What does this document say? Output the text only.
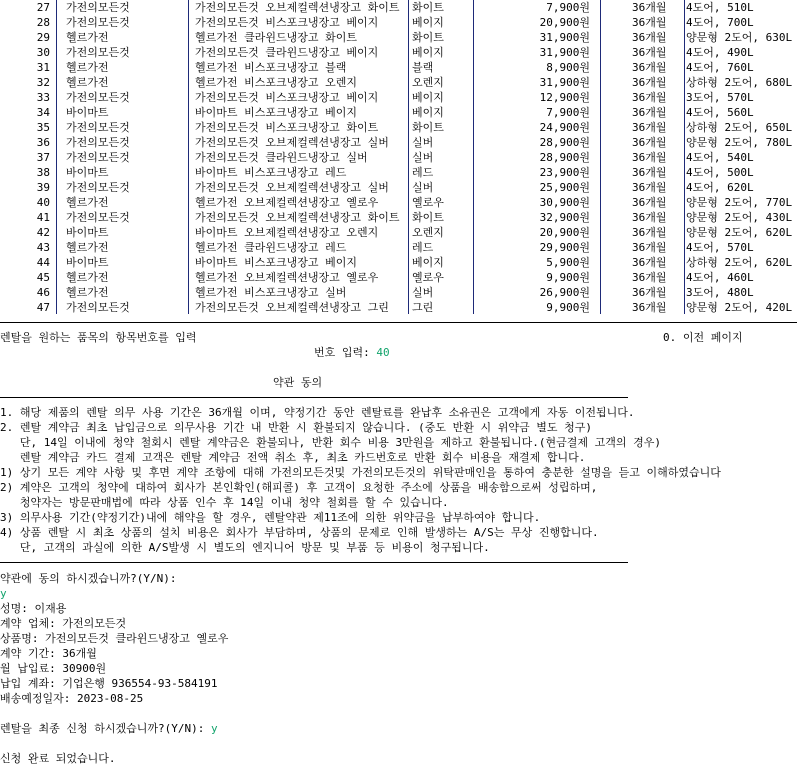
27 가전의모든것	가전의모든것 오브제컬렉션냉장고 화이트 화이트	7,900원	36개월 4도어, 510L
28 가전의모든것	가전의모든것 비스포크냉장고 베이지	베이지	20,900원	36개월 4도어, 700L
29 헬르가전	헬르가전 클라윈드냉장고 화이트	화이트	31,900원	36개월 양문형 2도어, 630L
30 가전의모든것	가전의모든것 클라윈드냉장고 베이지	베이지	31,900원	36개월 4도어, 490L
31 헬르가전	헬르가전 비스포크냉장고 블랙	블랙	8,900원	36개월 4도어, 760L
32 헬르가전	헬르가전 비스포크냉장고 오렌지	오렌지	31,900원	36개월 상하형 2도어, 680L
33 가전의모든것	가전의모든것 비스포크냉장고 베이지	베이지	12,900원	36개월 3도어, 570L
34 바이마트	바이마트 비스포크냉장고 베이지	베이지	7,900원	36개월 4도어, 560L
35 가전의모든것	가전의모든것 비스포크냉장고 화이트	화이트	24,900원	36개월 상하형 2도어, 650L
36 가전의모든것	가전의모든것 오브제컬렉션냉장고 실버 실버	28,900원	36개월 양문형 2도어, 780L
37 가전의모든것	가전의모든것 클라윈드냉장고 실버	실버	28,900원	36개월 4도어, 540L
38 바이마트	바이마트 비스포크냉장고 레드	레드	23,900원	36개월 4도어, 500L
39 가전의모든것	가전의모든것 오브제컬렉션냉장고 실버 실버	25,900원	36개월 4도어, 620L
40 헬르가전	헬르가전 오브제컬렉션냉장고 옐로우	옐로우	30,900원	36개월 양문형 2도어, 770L
41 가전의모든것	가전의모든것 오브제컬렉션냉장고 화이트 화이트	32,900원	36개월 양문형 2도어, 430L
42 바이마트	바이마트 오브제컬렉션냉장고 오렌지	오렌지	20,900원	36개월 양문형 2도어, 620L
43 헬르가전	헬르가전 클라윈드냉장고 레드	레드	29,900원	36개월 4도어, 570L
44 바이마트	바이마트 비스포크냉장고 베이지	베이지	5,900원	36개월 상하형 2도어, 620L
45 헬르가전	헬르가전 오브제컬렉션냉장고 옐로우	옐로우	9,900원	36개월 4도어, 460L
46 헬르가전	헬르가전 비스포크냉장고 실버	실버	26,900원	36개월 3도어, 480L
47 가전의모든것	가전의모든것 오브제컬렉션냉장고 그린 그린	9,900원	36개월 양문형 2도어, 420L
렌탈을 원하는 품목의 항목번호를 입력	0. 이전 페이지
번호 입력: 40
약관 동의
1. 해당 제품의 렌탈 의무 사용 기간은 36개월 이며, 약정기간 동안 렌탈료를 완납후 소유권은 고객에게 자동 이전됩니다.
2. 렌탈 계약금 최초 납입금으로 의무사용 기간 내 반환 시 환불되지 않습니다. (중도 반환 시 위약금 별도 청구)
단, 14일 이내에 청약 철회시 렌탈 계약금은 환불되나, 반환 회수 비용 3만원을 제하고 환불됩니다.(현금결제 고객의 경우)
렌탈 계약금 카드 결제 고객은 렌탈 계약금 전액 취소 후, 최초 카드번호로 반환 회수 비용을 재결제 합니다.
1) 상기 모든 계약 사항 및 후면 계약 조항에 대해 가전의모든것및 가전의모든것의 위탁판매인을 통하여 충분한 설명을 듣고 이해하였습니다
2) 계약은 고객의 청약에 대하여 회사가 본인확인(해피콜) 후 고객이 요청한 주소에 상품을 배송함으로써 성립하며,
청약자는 방문판매법에 따라 상품 인수 후 14일 이내 청약 철회를 할 수 있습니다.
3) 의무사용 기간(약정기간)내에 해약을 할 경우, 렌탈약관 제11조에 의한 위약금을 납부하여야 합니다.
4) 상품 렌탈 시 최초 상품의 설치 비용은 회사가 부담하며, 상품의 문제로 인해 발생하는 A/S는 무상 진행합니다.
단, 고객의 과실에 의한 A/S발생 시 별도의 엔지니어 방문 및 부품 등 비용이 청구됩니다.
약관에 동의 하시겠습니까?(Y/N):
y
성명: 이재용
계약 업체: 가전의모든것
상품명: 가전의모든것 클라윈드냉장고 옐로우
계약 기간: 36개월
월 납입료: 30900원
납입 계좌: 기업은행 936554-93-584191
배송예정일자: 2023-08-25
렌탈을 최종 신청 하시겠습니까?(Y/N): y
신청 완료 되었습니다.
